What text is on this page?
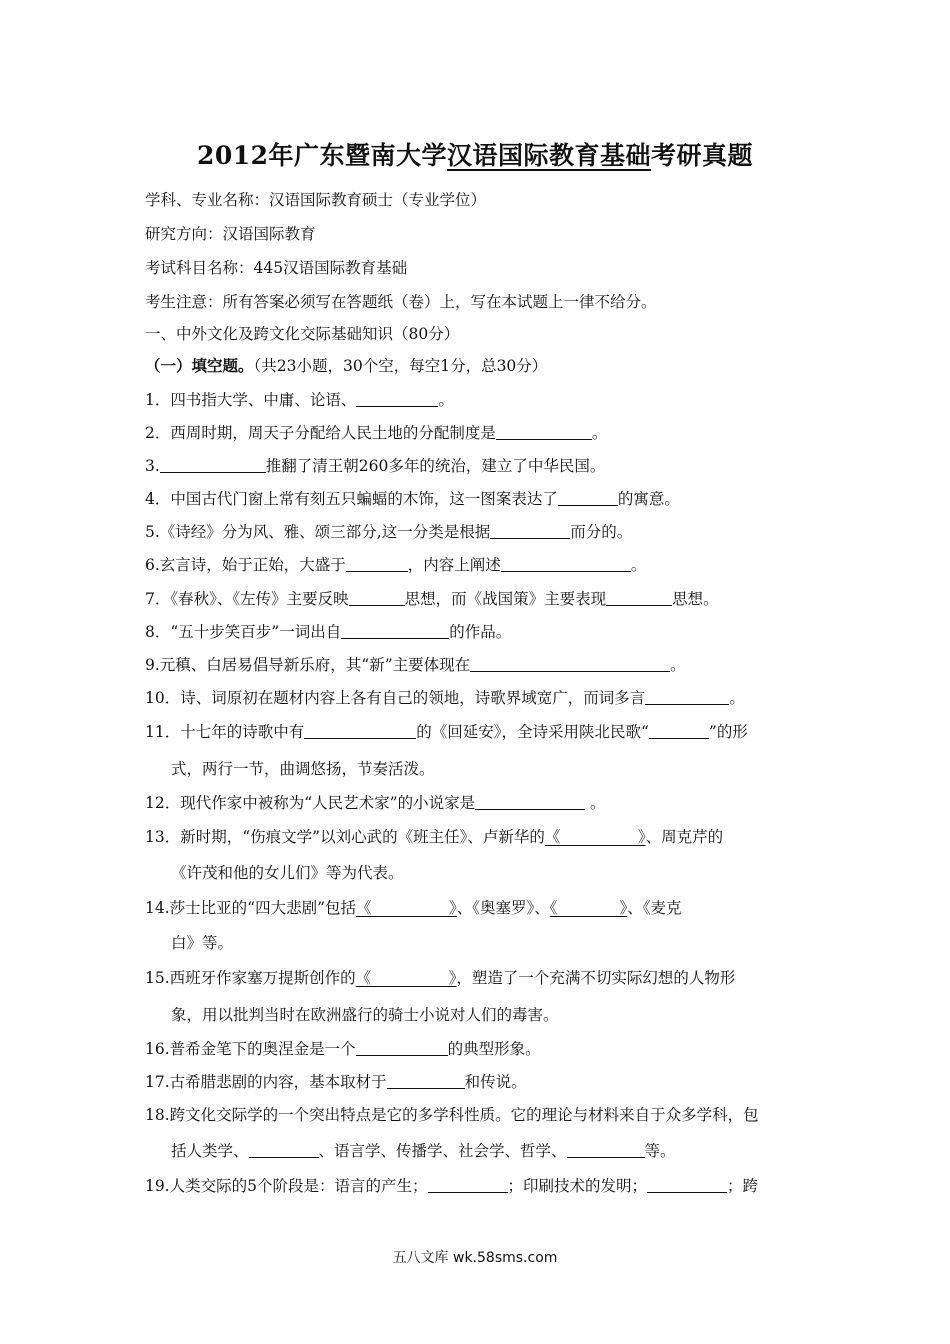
2012年广东暨南大学汉语国际教育基础考研真题
学科、专业名称：汉语国际教育硕士（专业学位）
研究方向：汉语国际教育
考试科目名称：445汉语国际教育基础
考生注意：所有答案必须写在答题纸（卷）上，写在本试题上一律不给分。
一、中外文化及跨文化交际基础知识（80分）
（一）填空题。（共23小题，30个空，每空1分，总30分）
1．四书指大学、中庸、论语、	。
2．西周时期，周天子分配给人民土地的分配制度是	。
3.	推翻了清王朝260多年的统治，建立了中华民国。
4．中国古代门窗上常有刻五只蝙蝠的木饰，这一图案表达了	的寓意。
5.《诗经》分为风、雅、颂三部分,这一分类是根据	而分的。
6.玄言诗，始于正始，大盛于	，内容上阐述	。
7．《春秋》、《左传》主要反映	思想，而《战国策》主要表现	思想。
8．“五十步笑百步”一词出自	的作品。
9.元稹、白居易倡导新乐府，其“新”主要体现在	。
10．诗、词原初在题材内容上各有自己的领地，诗歌界域宽广，而词多言	。
11．十七年的诗歌中有	的《回延安》，全诗采用陕北民歌“	”的形
式，两行一节，曲调悠扬，节奏活泼。
12．现代作家中被称为“人民艺术家”的小说家是	。
13．新时期，“伤痕文学”以刘心武的《班主任》、卢新华的《　　　　　》、周克芹的
《许茂和他的女儿们》等为代表。
14.莎士比亚的“四大悲剧”包括《　　　　　》、《奥塞罗》、《　　　　》、《麦克
白》等。
15.西班牙作家塞万提斯创作的《　　　　　》，塑造了一个充满不切实际幻想的人物形
象，用以批判当时在欧洲盛行的骑士小说对人们的毒害。
16.普希金笔下的奥涅金是一个	的典型形象。
17.古希腊悲剧的内容，基本取材于	和传说。
18.跨文化交际学的一个突出特点是它的多学科性质。它的理论与材料来自于众多学科，包
括人类学、	、语言学、传播学、社会学、哲学、	等。
19.人类交际的5个阶段是：语言的产生；	；印刷技术的发明；	；跨
五八文库 wk.58sms.com
